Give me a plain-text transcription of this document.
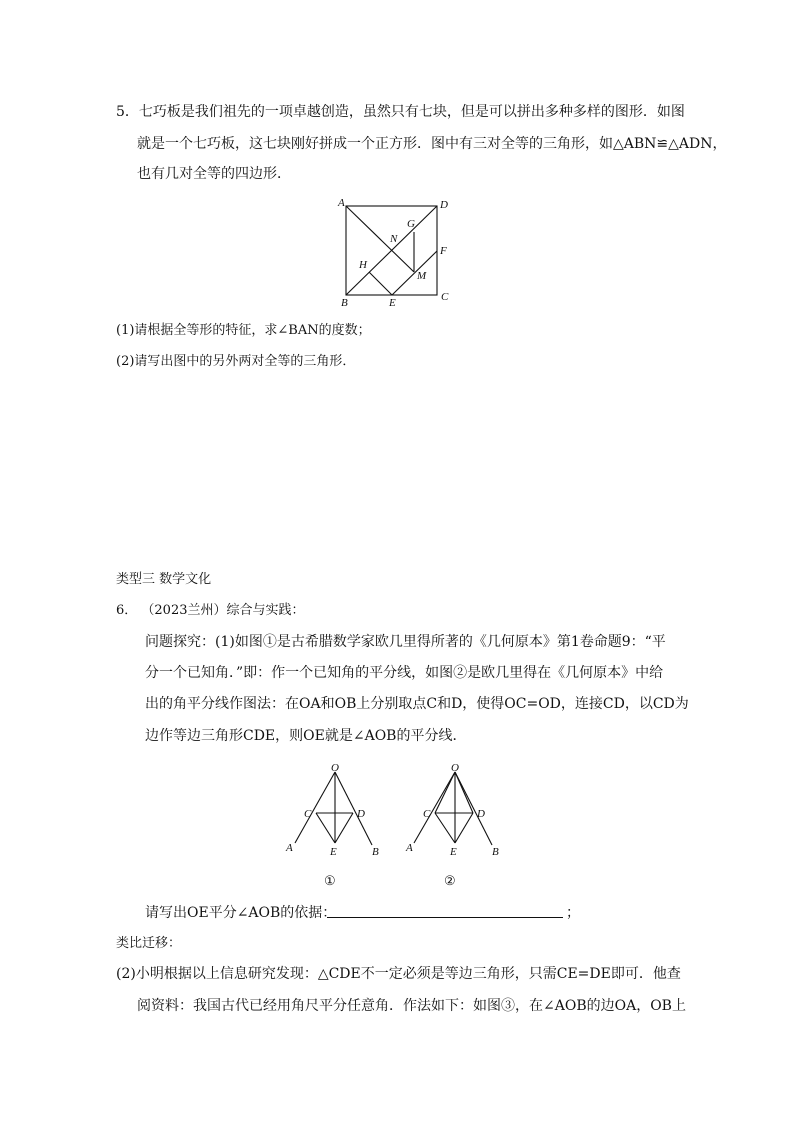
5．七巧板是我们祖先的一项卓越创造，虽然只有七块，但是可以拼出多种多样的图形．如图
就是一个七巧板，这七块刚好拼成一个正方形．图中有三对全等的三角形，如△ABN≌△ADN，
也有几对全等的四边形．
A	D
B	C
E
F
G
H
M
N
(1)请根据全等形的特征，求∠BAN的度数；
(2)请写出图中的另外两对全等的三角形．
类型三 数学文化
6． （2023兰州）综合与实践：
问题探究：(1)如图①是古希腊数学家欧几里得所著的《几何原本》第1卷命题9：“平
分一个已知角．”即：作一个已知角的平分线，如图②是欧几里得在《几何原本》中给
出的角平分线作图法：在OA和OB上分别取点C和D，使得OC=OD，连接CD，以CD为
边作等边三角形CDE，则OE就是∠AOB的平分线．
O
C	D
A	E	B
①
O
C	D
A	E	B
②
请写出OE平分∠AOB的依据：	；
类比迁移：
(2)小明根据以上信息研究发现：△CDE不一定必须是等边三角形，只需CE=DE即可．他查
阅资料：我国古代已经用角尺平分任意角．作法如下：如图③，在∠AOB的边OA，OB上
